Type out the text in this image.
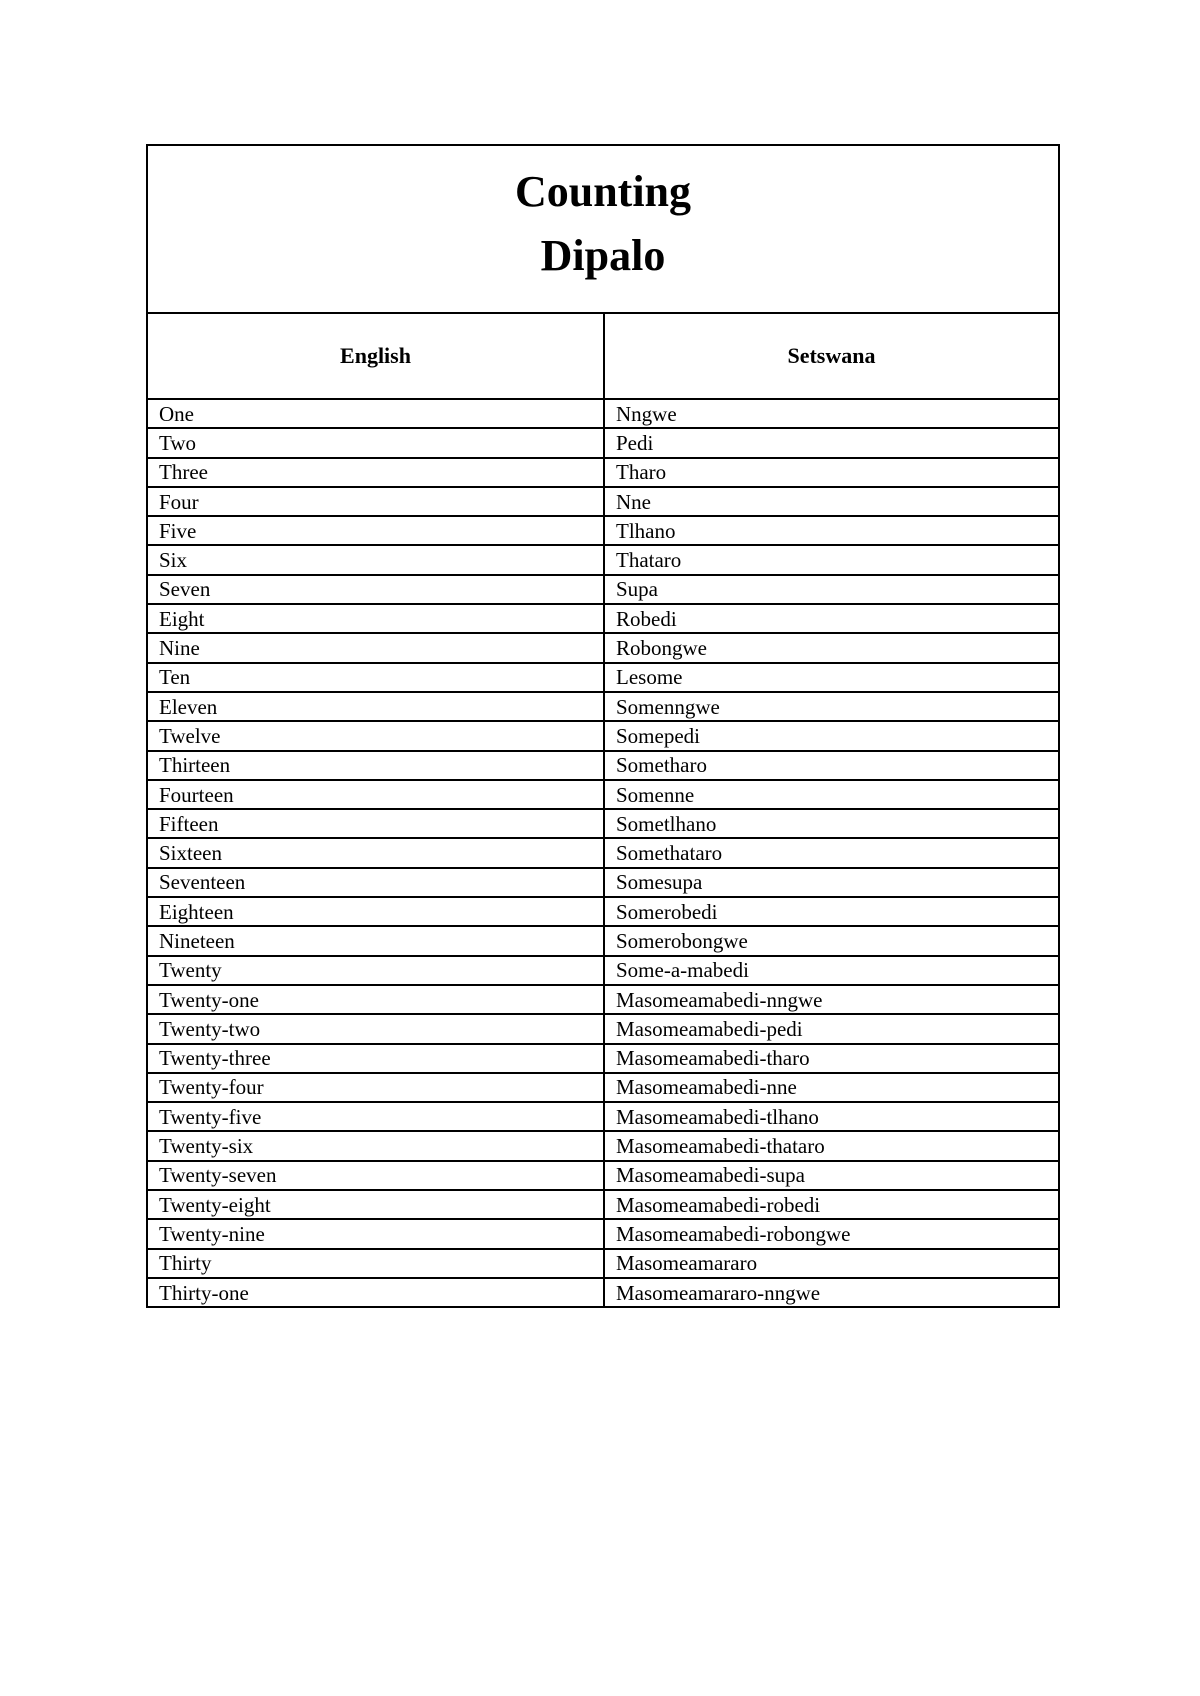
Counting
Dipalo
English	Setswana
One	Nngwe
Two	Pedi
Three	Tharo
Four	Nne
Five	Tlhano
Six	Thataro
Seven	Supa
Eight	Robedi
Nine	Robongwe
Ten	Lesome
Eleven	Somenngwe
Twelve	Somepedi
Thirteen	Sometharo
Fourteen	Somenne
Fifteen	Sometlhano
Sixteen	Somethataro
Seventeen	Somesupa
Eighteen	Somerobedi
Nineteen	Somerobongwe
Twenty	Some-a-mabedi
Twenty-one	Masomeamabedi-nngwe
Twenty-two	Masomeamabedi-pedi
Twenty-three	Masomeamabedi-tharo
Twenty-four	Masomeamabedi-nne
Twenty-five	Masomeamabedi-tlhano
Twenty-six	Masomeamabedi-thataro
Twenty-seven	Masomeamabedi-supa
Twenty-eight	Masomeamabedi-robedi
Twenty-nine	Masomeamabedi-robongwe
Thirty	Masomeamararo
Thirty-one	Masomeamararo-nngwe
